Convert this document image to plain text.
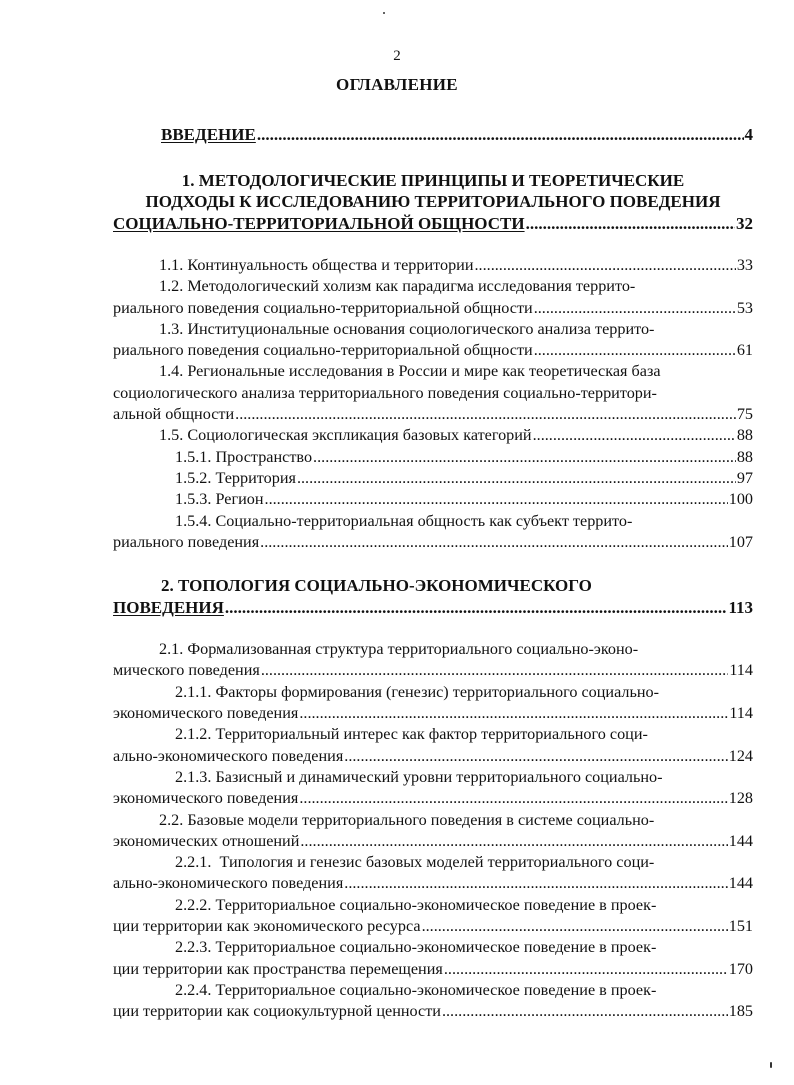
2
ОГЛАВЛЕНИЕ
ВВЕДЕНИЕ .....	4
1. МЕТОДОЛОГИЧЕСКИЕ ПРИНЦИПЫ И ТЕОРЕТИЧЕСКИЕ
ПОДХОДЫ К ИССЛЕДОВАНИЮ ТЕРРИТОРИАЛЬНОГО ПОВЕДЕНИЯ
СОЦИАЛЬНО-ТЕРРИТОРИАЛЬНОЙ ОБЩНОСТИ .....	32
1.1. Континуальность общества и территории .....	33
1.2. Методологический холизм как парадигма исследования террито-
риального поведения социально-территориальной общности .....	53
1.3. Институциональные основания социологического анализа террито-
риального поведения социально-территориальной общности .....	61
1.4. Региональные исследования в России и мире как теоретическая база
социологического анализа территориального поведения социально-территори-
альной общности .....	75
1.5. Социологическая экспликация базовых категорий .....	88
1.5.1. Пространство .....	88
1.5.2. Территория .....	97
1.5.3. Регион .....	100
1.5.4. Социально-территориальная общность как субъект террито-
риального поведения .....	107
2. ТОПОЛОГИЯ СОЦИАЛЬНО-ЭКОНОМИЧЕСКОГО
ПОВЕДЕНИЯ .....	113
2.1. Формализованная структура территориального социально-эконо-
мического поведения .....	114
2.1.1. Факторы формирования (генезис) территориального социально-
экономического поведения .....	114
2.1.2. Территориальный интерес как фактор территориального соци-
ально-экономического поведения .....	124
2.1.3. Базисный и динамический уровни территориального социально-
экономического поведения .....	128
2.2. Базовые модели территориального поведения в системе социально-
экономических отношений .....	144
2.2.1.  Типология и генезис базовых моделей территориального соци-
ально-экономического поведения .....	144
2.2.2. Территориальное социально-экономическое поведение в проек-
ции территории как экономического ресурса .....	151
2.2.3. Территориальное социально-экономическое поведение в проек-
ции территории как пространства перемещения .....	170
2.2.4. Территориальное социально-экономическое поведение в проек-
ции территории как социокультурной ценности .....	185
